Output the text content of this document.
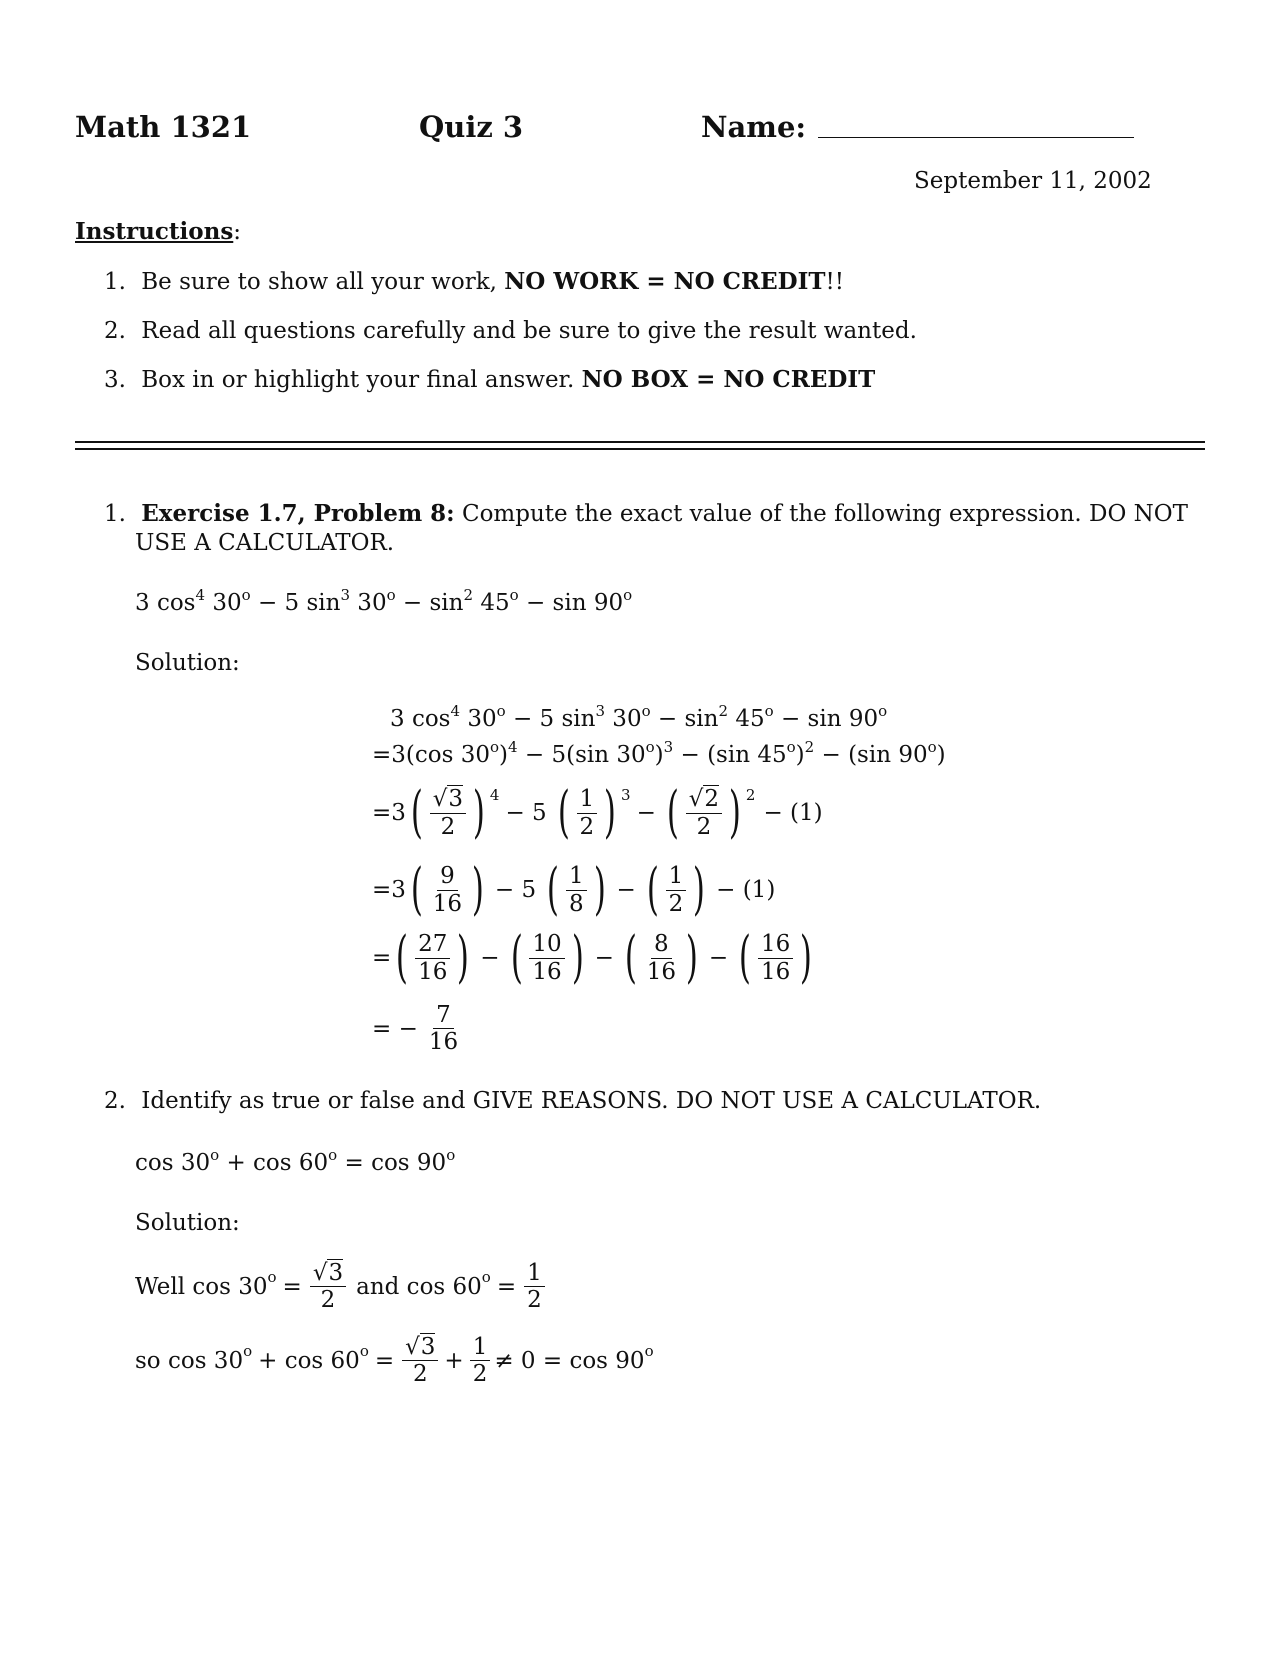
Math 1321	Quiz 3	Name:
September 11, 2002
Instructions:
1. Be sure to show all your work, NO WORK = NO CREDIT!!
2. Read all questions carefully and be sure to give the result wanted.
3. Box in or highlight your final answer. NO BOX = NO CREDIT
1. Exercise 1.7, Problem 8: Compute the exact value of the following expression. DO NOT
USE A CALCULATOR.
3 $\cos^4 30^o - 5$ $\sin^3 30^o - \sin^2 45^o - \sin 90^o$
Solution:
3 $\cos^4 30^o - 5$ $\sin^3 30^o - \sin^2 45^o - \sin 90^o$
=3(cos $30^o)^4 - 5(\sin$ $30^o)^3 - (\sin$ $45^o)^2 - (\sin$ $90^o$)
=3 ( $\frac{√3}{2}$ ) 4
− 5 ( $\frac{1}{2}$ ) 3
− ( $\frac{√2}{2}$ ) 2
− (1)
=3 ( $\frac{9}{16}$ ) − 5 ( $\frac{1}{8}$ ) − ( $\frac{1}{2}$ ) − (1)
= ( $\frac{27}{16}$ ) − ( $\frac{10}{16}$ ) − ( $\frac{8}{16}$ ) − ( $\frac{16}{16}$ )
= − $\frac{7}{16}$
2. Identify as true or false and GIVE REASONS. DO NOT USE A CALCULATOR.
$\cos 30^o + \cos 60^o = \cos 90^o$
Solution:
Well cos 30 $o = \frac{√3}{2}$ and cos 60 $o = \frac{1}{2}$
so cos 30 o + cos 60 $o = \frac{√3}{2} + \frac{1}{2} \ne 0 = \cos 90$ o
